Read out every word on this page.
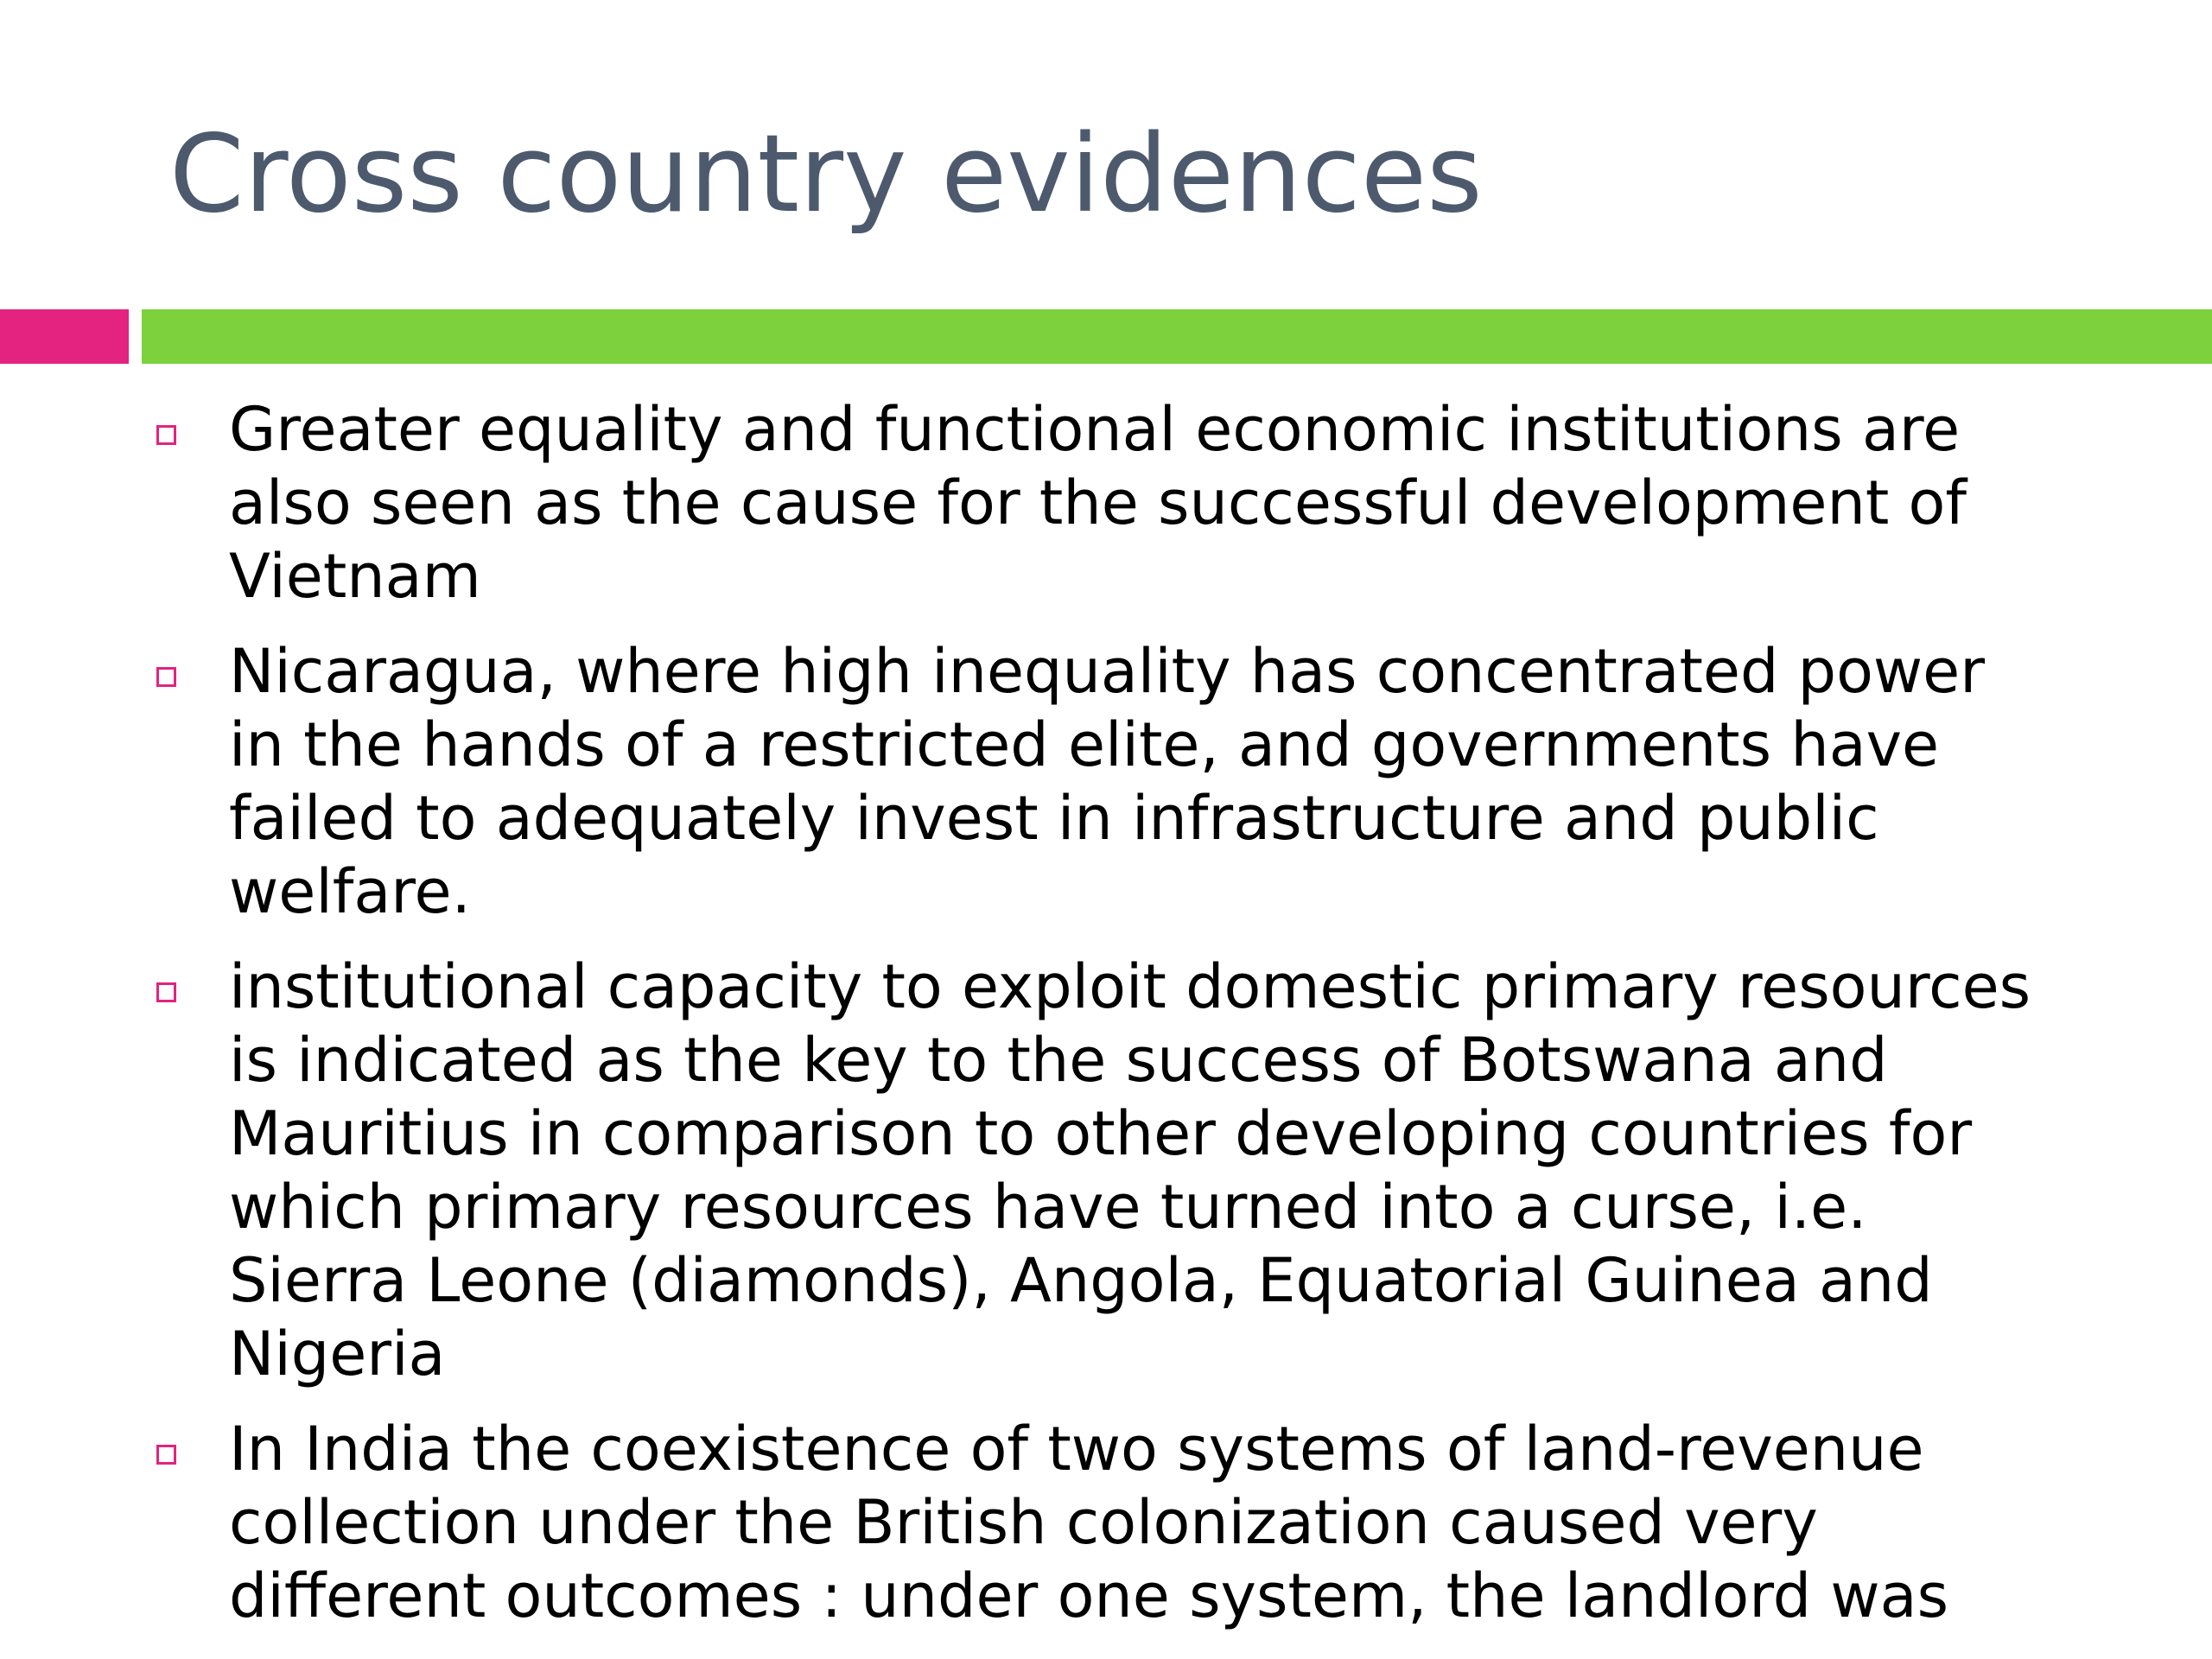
Cross country evidences
Greater equality and functional economic institutions are
also seen as the cause for the successful development of
Vietnam
Nicaragua, where high inequality has concentrated power
in the hands of a restricted elite, and governments have
failed to adequately invest in infrastructure and public
welfare.
institutional capacity to exploit domestic primary resources
is indicated as the key to the success of Botswana and
Mauritius in comparison to other developing countries for
which primary resources have turned into a curse, i.e.
Sierra Leone (diamonds), Angola, Equatorial Guinea and
Nigeria
In India the coexistence of two systems of land-revenue
collection under the British colonization caused very
different outcomes : under one system, the landlord was
